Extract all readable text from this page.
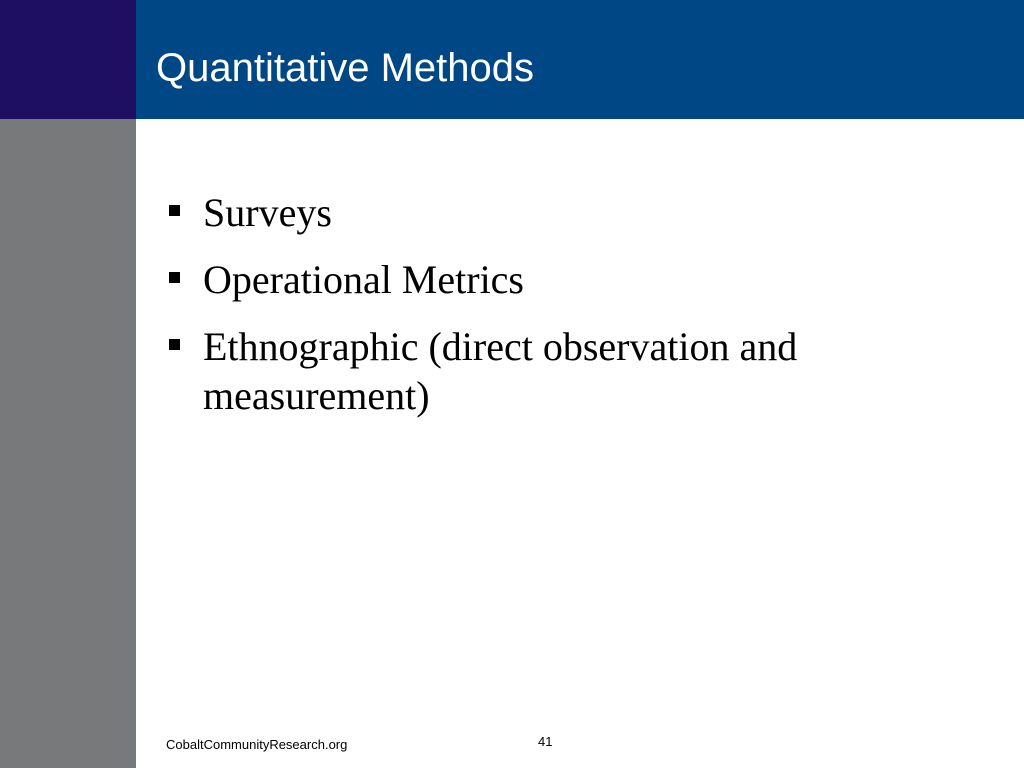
Quantitative Methods
Surveys
Operational Metrics
Ethnographic (direct observation and measurement)
CobaltCommunityResearch.org	41
